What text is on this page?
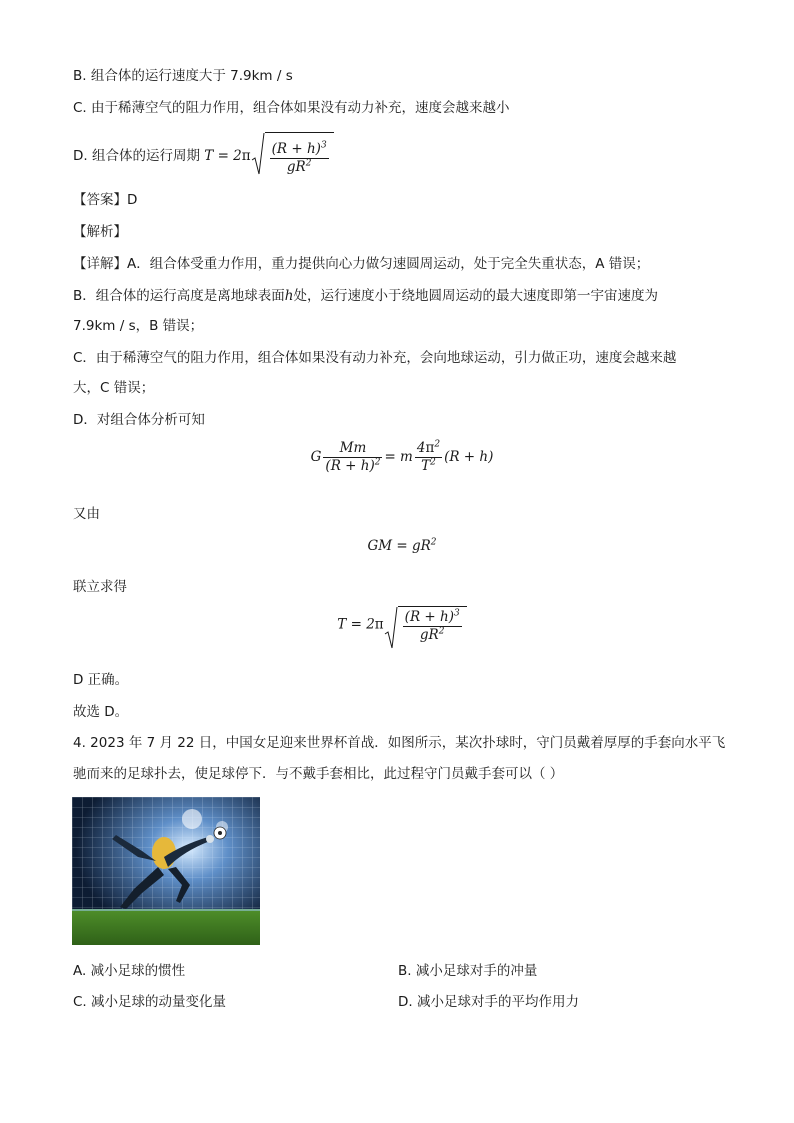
B. 组合体的运行速度大于 7.9km / s
C. 由于稀薄空气的阻力作用，组合体如果没有动力补充，速度会越来越小
D. 组合体的运行周期 $T = 2\pi \frac{(R + h)^3}{gR^2}$
【答案】D
【解析】
【详解】A．组合体受重力作用，重力提供向心力做匀速圆周运动，处于完全失重状态，A 错误；
B．组合体的运行高度是离地球表面h处，运行速度小于绕地圆周运动的最大速度即第一宇宙速度为
7.9km / s，B 错误；
C．由于稀薄空气的阻力作用，组合体如果没有动力补充，会向地球运动，引力做正功，速度会越来越
大，C 错误；
D．对组合体分析可知
G $\frac{Mm}{(R + h)^2} = m \frac{4\pi^2}{T^2} (R + h)$
又由
GM = $gR^2$
联立求得
$T = 2\pi \frac{(R + h)^3}{gR^2}$
D 正确。
故选 D。
4. 2023 年 7 月 22 日，中国女足迎来世界杯首战．如图所示，某次扑球时，守门员戴着厚厚的手套向水平飞
驰而来的足球扑去，使足球停下．与不戴手套相比，此过程守门员戴手套可以（ ）
A. 减小足球的惯性	B. 减小足球对手的冲量
C. 减小足球的动量变化量	D. 减小足球对手的平均作用力
